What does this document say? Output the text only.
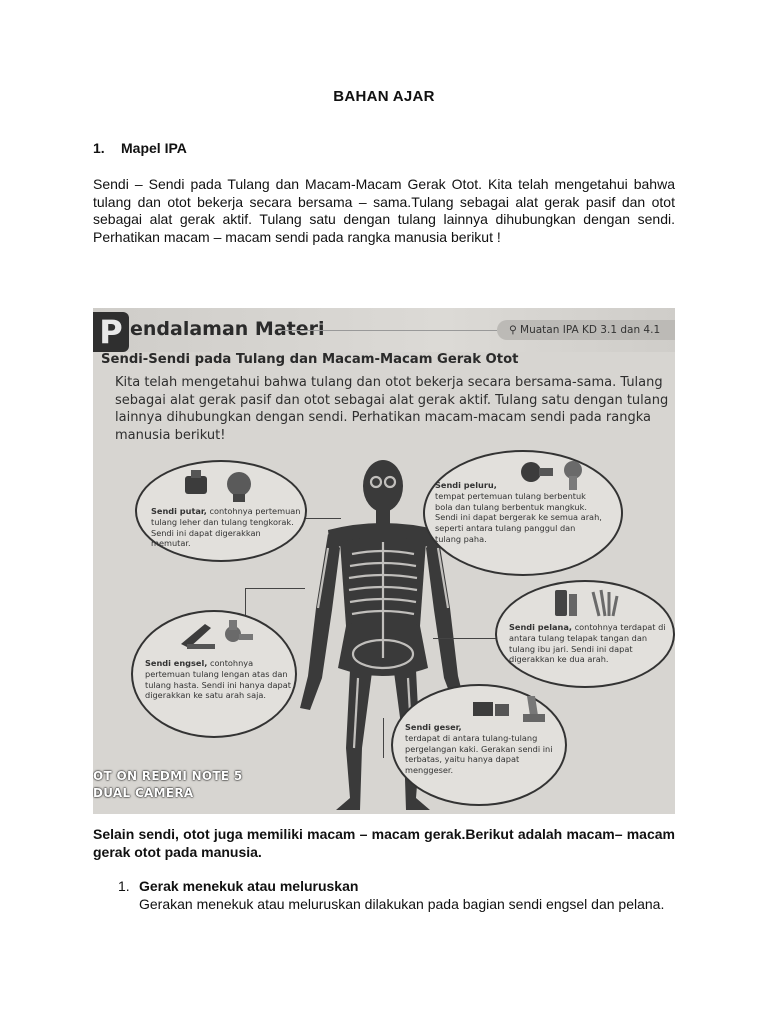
BAHAN AJAR
1. Mapel IPA

Sendi – Sendi pada Tulang dan Macam-Macam Gerak Otot. Kita telah mengetahui bahwa tulang dan otot bekerja secara bersama – sama.Tulang sebagai alat gerak pasif dan otot sebagai alat gerak aktif. Tulang satu dengan tulang lainnya dihubungkan dengan sendi. Perhatikan macam – macam sendi pada rangka manusia berikut !

P endalaman Materi	⚲ Muatan IPA KD 3.1 dan 4.1
Sendi-Sendi pada Tulang dan Macam-Macam Gerak Otot

Kita telah mengetahui bahwa tulang dan otot bekerja secara bersama-sama. Tulang sebagai alat gerak pasif dan otot sebagai alat gerak aktif. Tulang satu dengan tulang lainnya dihubungkan dengan sendi. Perhatikan macam-macam sendi pada rangka manusia berikut!

Sendi putar, contohnya pertemuan tulang leher dan tulang tengkorak. Sendi ini dapat digerakkan memutar.
Sendi peluru,
tempat pertemuan tulang berbentuk bola dan tulang berbentuk mangkuk. Sendi ini dapat bergerak ke semua arah, seperti antara tulang panggul dan tulang paha.
Sendi pelana, contohnya terdapat di antara tulang telapak tangan dan tulang ibu jari. Sendi ini dapat digerakkan ke dua arah.
Sendi engsel, contohnya pertemuan tulang lengan atas dan tulang hasta. Sendi ini hanya dapat digerakkan ke satu arah saja.
Sendi geser,
terdapat di antara tulang-tulang pergelangan kaki. Gerakan sendi ini terbatas, yaitu hanya dapat menggeser.
OT ON REDMI NOTE 5
DUAL CAMERA

Selain sendi, otot juga memiliki macam – macam gerak.Berikut adalah macam– macam gerak otot pada manusia.

1. Gerak menekuk atau meluruskan

Gerakan menekuk atau meluruskan dilakukan pada bagian sendi engsel dan pelana.
